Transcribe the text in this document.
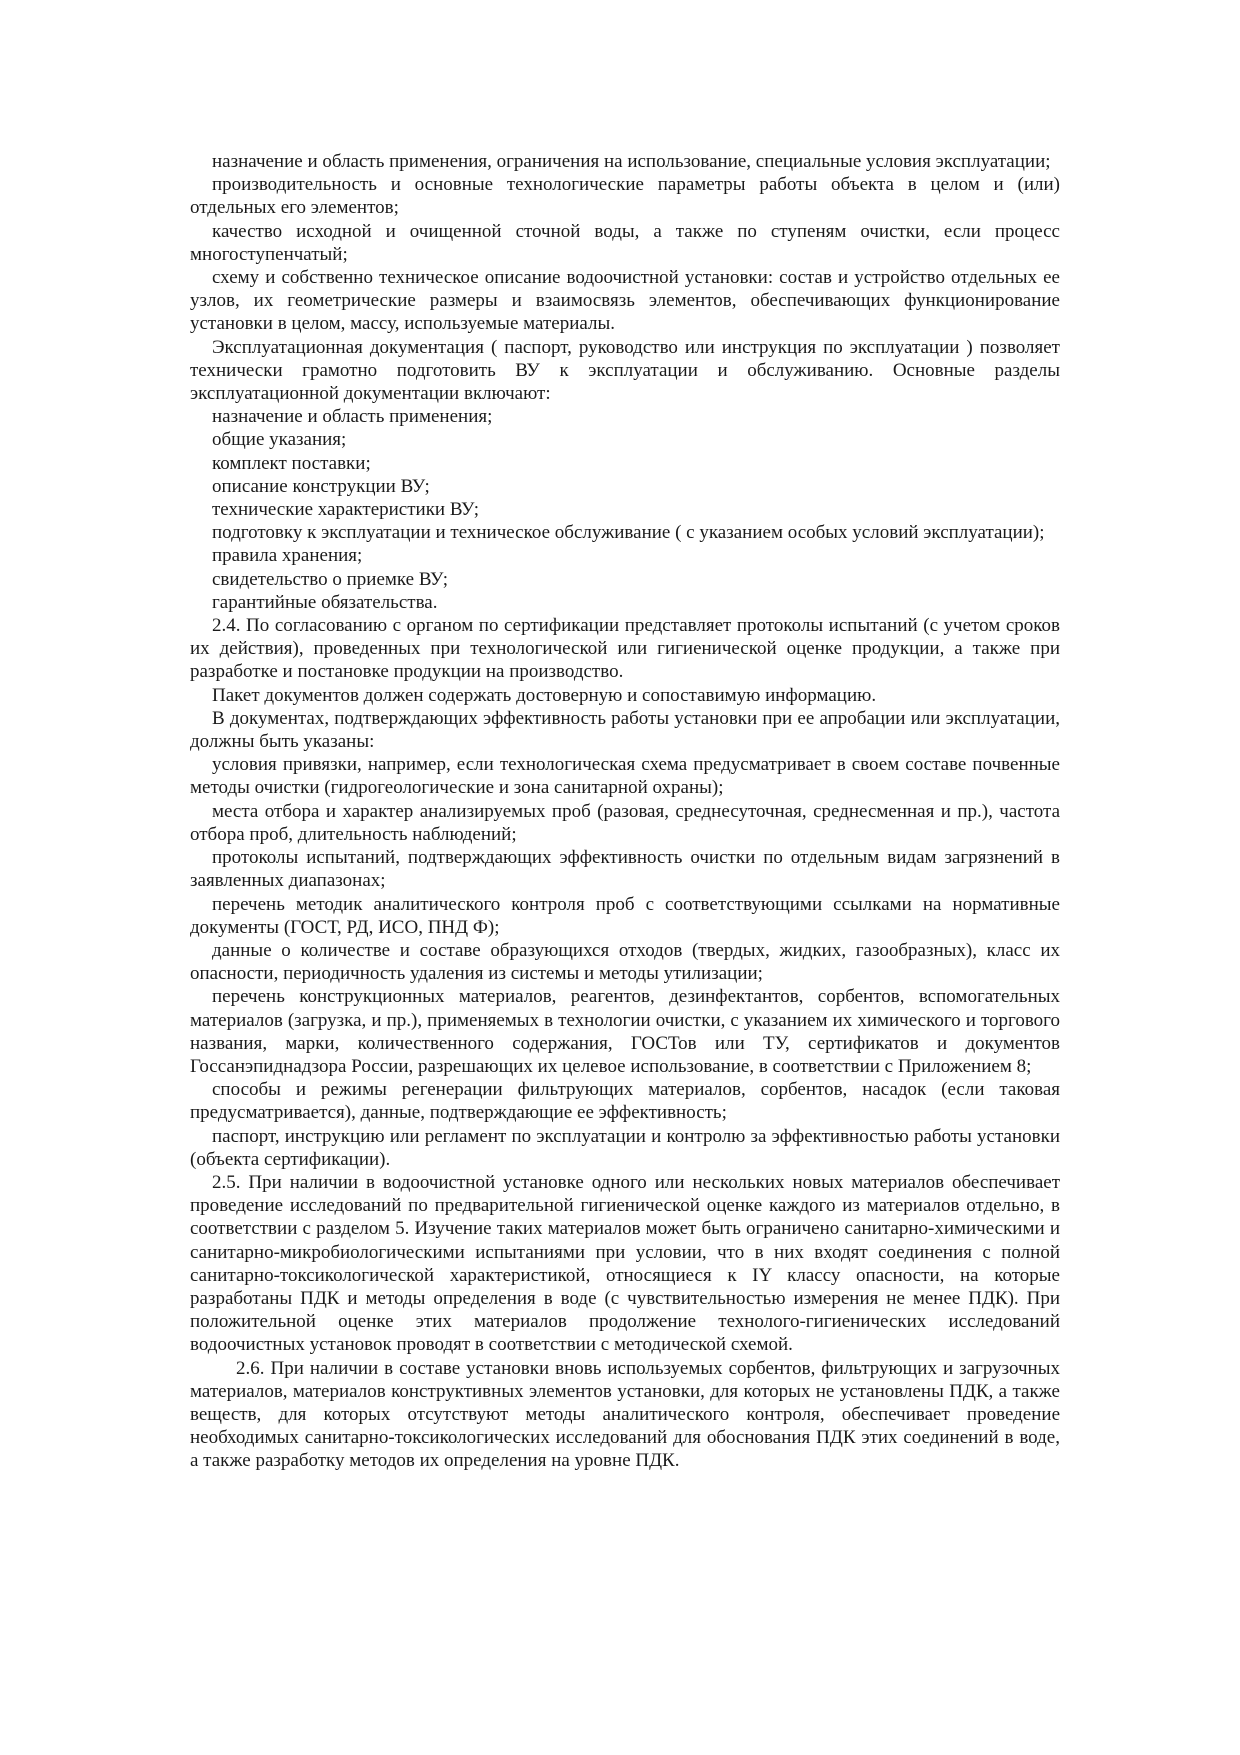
назначение и область применения, ограничения на использование, специальные условия эксплуатации;

производительность и основные технологические параметры работы объекта в целом и (или) отдельных его элементов;

качество исходной и очищенной сточной воды, а также по ступеням очистки, если процесс многоступенчатый;

схему и собственно техническое описание водоочистной установки: состав и устройство отдельных ее узлов, их геометрические размеры и взаимосвязь элементов, обеспечивающих функционирование установки в целом, массу, используемые материалы.

Эксплуатационная документация ( паспорт, руководство или инструкция по эксплуатации ) позволяет технически грамотно подготовить ВУ к эксплуатации и обслуживанию. Основные разделы эксплуатационной документации включают:

назначение и область применения;

общие указания;

комплект поставки;

описание конструкции ВУ;

технические характеристики ВУ;

подготовку к эксплуатации и техническое обслуживание ( с указанием особых условий эксплуатации);

правила хранения;

свидетельство о приемке ВУ;

гарантийные обязательства.

2.4. По согласованию с органом по сертификации представляет протоколы испытаний (с учетом сроков их действия), проведенных при технологической или гигиенической оценке продукции, а также при разработке и постановке продукции на производство.

Пакет документов должен содержать достоверную и сопоставимую информацию.

В документах, подтверждающих эффективность работы установки при ее апробации или эксплуатации, должны быть указаны:

условия привязки, например, если технологическая схема предусматривает в своем составе почвенные методы очистки (гидрогеологические и зона санитарной охраны);

места отбора и характер анализируемых проб (разовая, среднесуточная, среднесменная и пр.), частота отбора проб, длительность наблюдений;

протоколы испытаний, подтверждающих эффективность очистки по отдельным видам загрязнений в заявленных диапазонах;

перечень методик аналитического контроля проб с соответствующими ссылками на нормативные документы (ГОСТ, РД, ИСО, ПНД Ф);

данные о количестве и составе образующихся отходов (твердых, жидких, газообразных), класс их опасности, периодичность удаления из системы и методы утилизации;

перечень конструкционных материалов, реагентов, дезинфектантов, сорбентов, вспомогательных материалов (загрузка, и пр.), применяемых в технологии очистки, с указанием их химического и торгового названия, марки, количественного содержания, ГОСТов или ТУ, сертификатов и документов Госсанэпиднадзора России, разрешающих их целевое использование, в соответствии с Приложением 8;

способы и режимы регенерации фильтрующих материалов, сорбентов, насадок (если таковая предусматривается), данные, подтверждающие ее эффективность;

паспорт, инструкцию или регламент по эксплуатации и контролю за эффективностью работы установки (объекта сертификации).

2.5. При наличии в водоочистной установке одного или нескольких новых материалов обеспечивает проведение исследований по предварительной гигиенической оценке каждого из материалов отдельно, в соответствии с разделом 5. Изучение таких материалов может быть ограничено санитарно-химическими и санитарно-микробиологическими испытаниями при условии, что в них входят соединения с полной санитарно-токсикологической характеристикой, относящиеся к IY классу опасности, на которые разработаны ПДК и методы определения в воде (с чувствительностью измерения не менее ПДК). При положительной оценке этих материалов продолжение технолого-гигиенических исследований водоочистных установок проводят в соответствии с методической схемой.

2.6. При наличии в составе установки вновь используемых сорбентов, фильтрующих и загрузочных материалов, материалов конструктивных элементов установки, для которых не установлены ПДК, а также веществ, для которых отсутствуют методы аналитического контроля, обеспечивает проведение необходимых санитарно-токсикологических исследований для обоснования ПДК этих соединений в воде, а также разработку методов их определения на уровне ПДК.
